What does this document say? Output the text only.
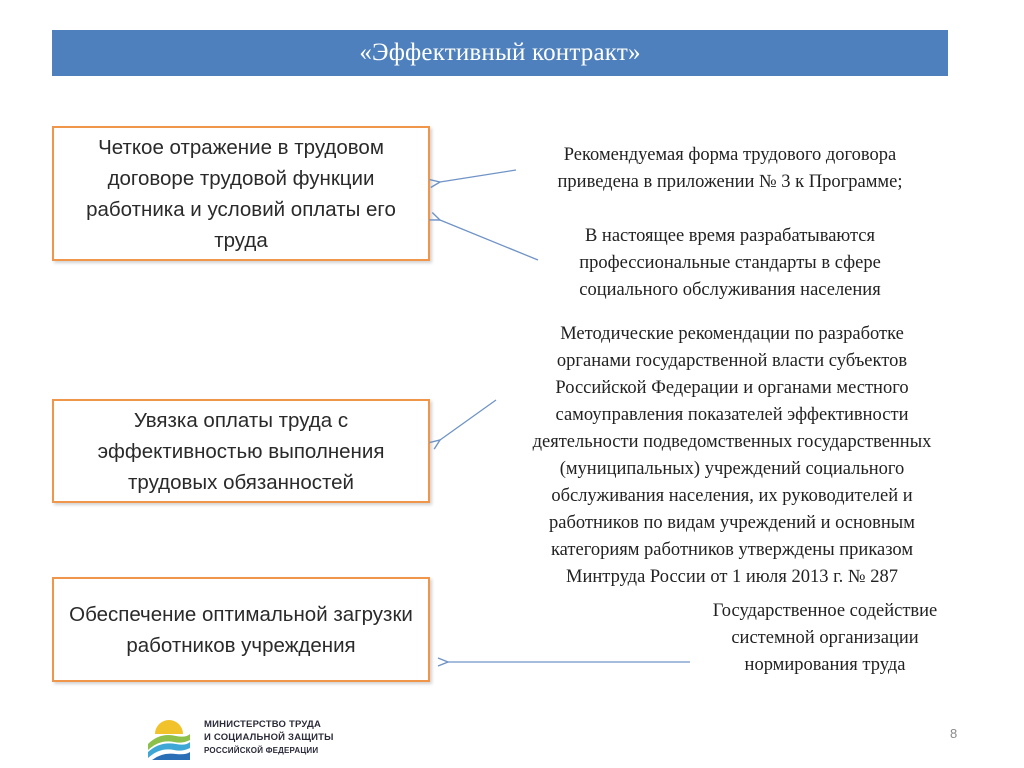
«Эффективный контракт»
Четкое отражение в трудовом договоре трудовой функции работника и условий оплаты его труда
Увязка оплаты труда с эффективностью выполнения трудовых обязанностей
Обеспечение оптимальной загрузки работников учреждения
Рекомендуемая форма трудового договора
приведена в приложении № 3 к Программе;
В настоящее время разрабатываются
профессиональные стандарты в сфере
социального обслуживания населения
Методические рекомендации по разработке
органами государственной власти субъектов
Российской Федерации и органами местного
самоуправления показателей эффективности
деятельности подведомственных государственных
(муниципальных) учреждений социального
обслуживания населения, их руководителей и
работников по видам учреждений и основным
категориям работников утверждены приказом
Минтруда России от 1 июля 2013 г. № 287
Государственное содействие
системной организации
нормирования труда
МИНИСТЕРСТВО ТРУДА
И СОЦИАЛЬНОЙ ЗАЩИТЫ
РОССИЙСКОЙ ФЕДЕРАЦИИ
8
